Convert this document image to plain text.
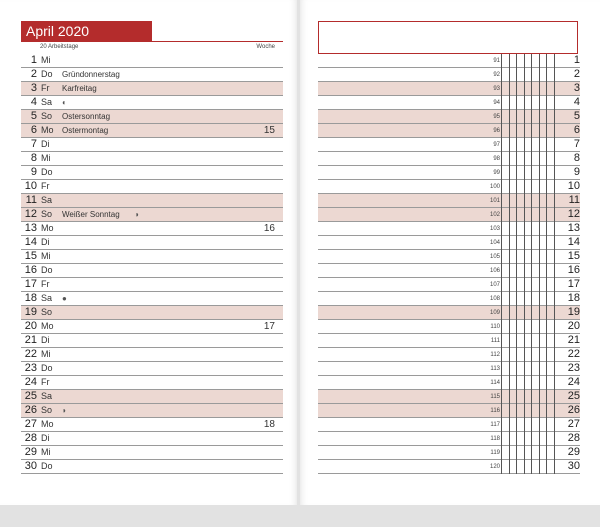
April 2020
20 Arbeitstage	Woche
1 Mi
2 Do Gründonnerstag
3 Fr Karfreitag
4 Sa ◐
5 So Ostersonntag
6 Mo Ostermontag	15
7 Di
8 Mi
9 Do
10 Fr
11 Sa
12 So Weißer Sonntag ◑
13 Mo	16
14 Di
15 Mi
16 Do
17 Fr
18 Sa ●
19 So
20 Mo	17
21 Di
22 Mi
23 Do
24 Fr
25 Sa
26 So ◗
27 Mo	18
28 Di
29 Mi
30 Do
91	1
92	2
93	3
94	4
95	5
96	6
97	7
98	8
99	9
100	10
101	11
102	12
103	13
104	14
105	15
106	16
107	17
108	18
109	19
110	20
111	21
112	22
113	23
114	24
115	25
116	26
117	27
118	28
119	29
120	30
